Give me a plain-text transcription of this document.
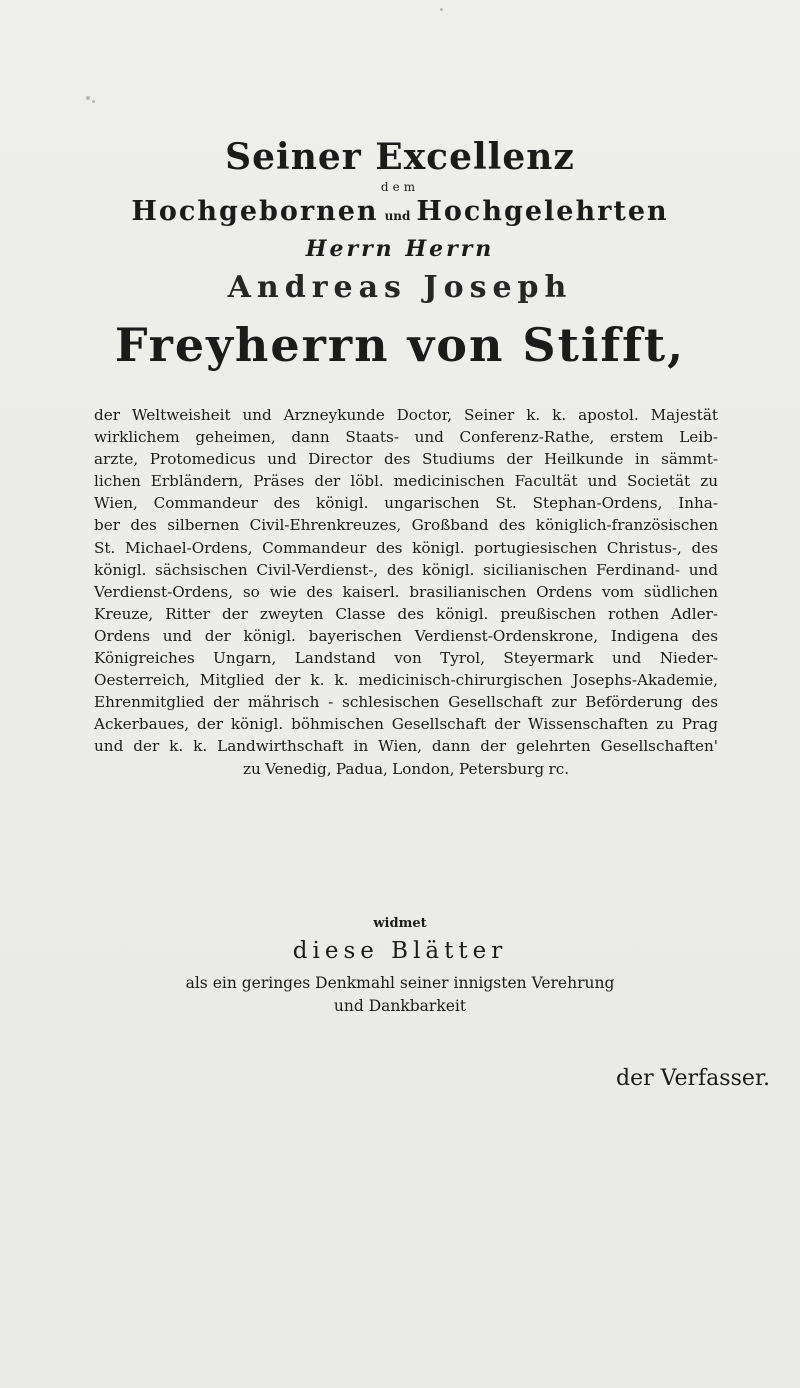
Seiner Excellenz
dem
Hochgebornen und Hochgelehrten
Herrn Herrn
Andreas Joseph
Freyherrn von Stifft,
der Weltweisheit und Arzneykunde Doctor, Seiner k. k. apostol. Majestät
wirklichem geheimen, dann Staats- und Conferenz-Rathe, erstem Leib-
arzte, Protomedicus und Director des Studiums der Heilkunde in sämmt-
lichen Erbländern, Präses der löbl. medicinischen Facultät und Societät zu
Wien, Commandeur des königl. ungarischen St. Stephan-Ordens, Inha-
ber des silbernen Civil-Ehrenkreuzes, Großband des königlich-französischen
St. Michael-Ordens, Commandeur des königl. portugiesischen Christus-, des
königl. sächsischen Civil-Verdienst-, des königl. sicilianischen Ferdinand- und
Verdienst-Ordens, so wie des kaiserl. brasilianischen Ordens vom südlichen
Kreuze, Ritter der zweyten Classe des königl. preußischen rothen Adler-
Ordens und der königl. bayerischen Verdienst-Ordenskrone, Indigena des
Königreiches Ungarn, Landstand von Tyrol, Steyermark und Nieder-
Oesterreich, Mitglied der k. k. medicinisch-chirurgischen Josephs-Akademie,
Ehrenmitglied der mährisch - schlesischen Gesellschaft zur Beförderung des
Ackerbaues, der königl. böhmischen Gesellschaft der Wissenschaften zu Prag
und der k. k. Landwirthschaft in Wien, dann der gelehrten Gesellschaften'
zu Venedig, Padua, London, Petersburg rc.
widmet
diese Blätter
als ein geringes Denkmahl seiner innigsten Verehrung
und Dankbarkeit
der Verfasser.
